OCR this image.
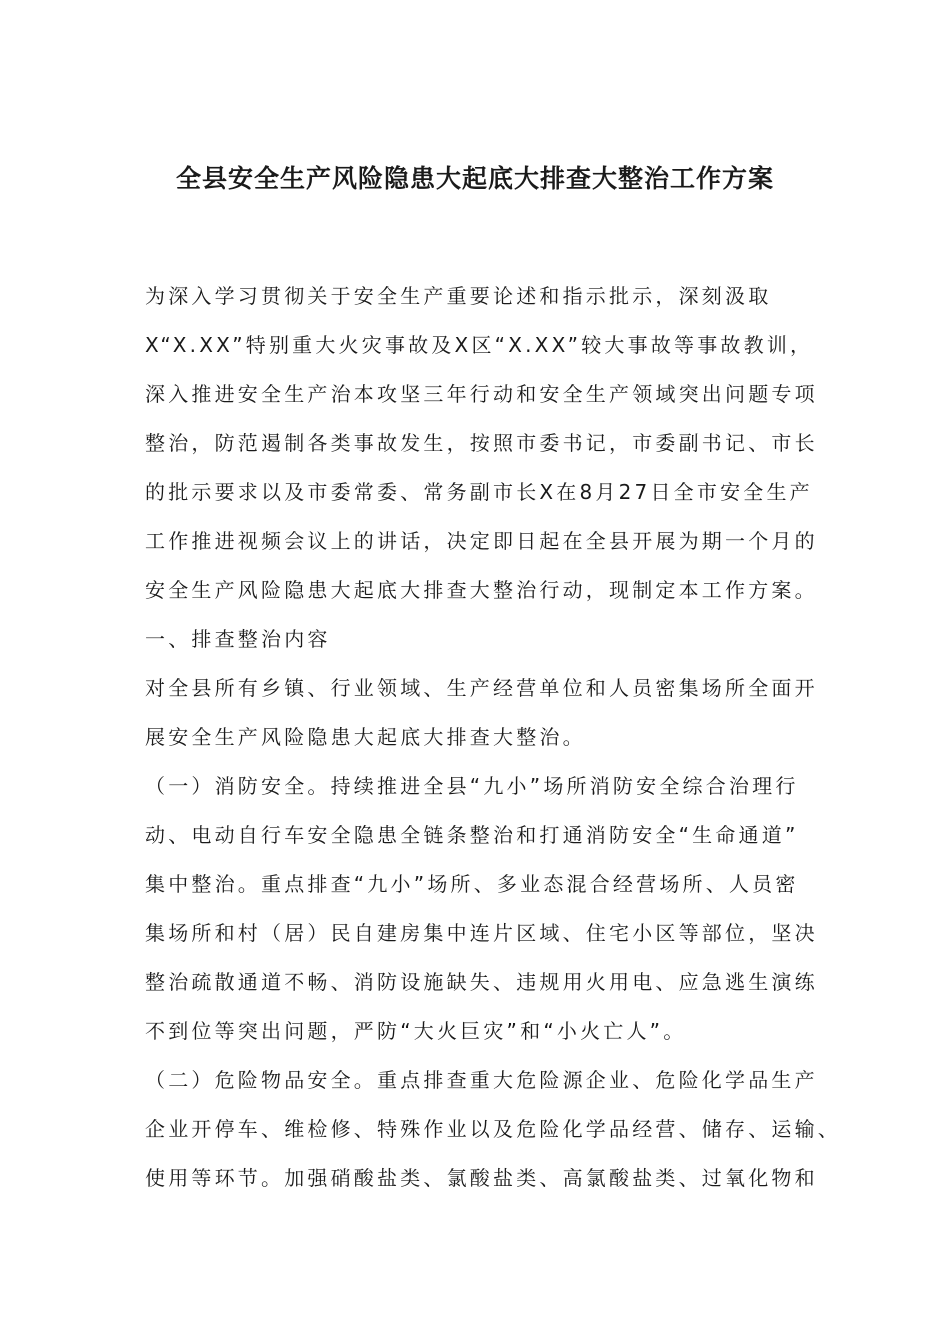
全县安全生产风险隐患大起底大排查大整治工作方案
为深入学习贯彻关于安全生产重要论述和指示批示，深刻汲取
X“X.XX”特别重大火灾事故及X区“X.XX”较大事故等事故教训，
深入推进安全生产治本攻坚三年行动和安全生产领域突出问题专项
整治，防范遏制各类事故发生，按照市委书记，市委副书记、市长
的批示要求以及市委常委、常务副市长X在8月27日全市安全生产
工作推进视频会议上的讲话，决定即日起在全县开展为期一个月的
安全生产风险隐患大起底大排查大整治行动，现制定本工作方案。
一、排查整治内容
对全县所有乡镇、行业领域、生产经营单位和人员密集场所全面开
展安全生产风险隐患大起底大排查大整治。
（一）消防安全。持续推进全县“九小”场所消防安全综合治理行
动、电动自行车安全隐患全链条整治和打通消防安全“生命通道”
集中整治。重点排查“九小”场所、多业态混合经营场所、人员密
集场所和村（居）民自建房集中连片区域、住宅小区等部位，坚决
整治疏散通道不畅、消防设施缺失、违规用火用电、应急逃生演练
不到位等突出问题，严防“大火巨灾”和“小火亡人”。
（二）危险物品安全。重点排查重大危险源企业、危险化学品生产
企业开停车、维检修、特殊作业以及危险化学品经营、储存、运输、
使用等环节。加强硝酸盐类、氯酸盐类、高氯酸盐类、过氧化物和
